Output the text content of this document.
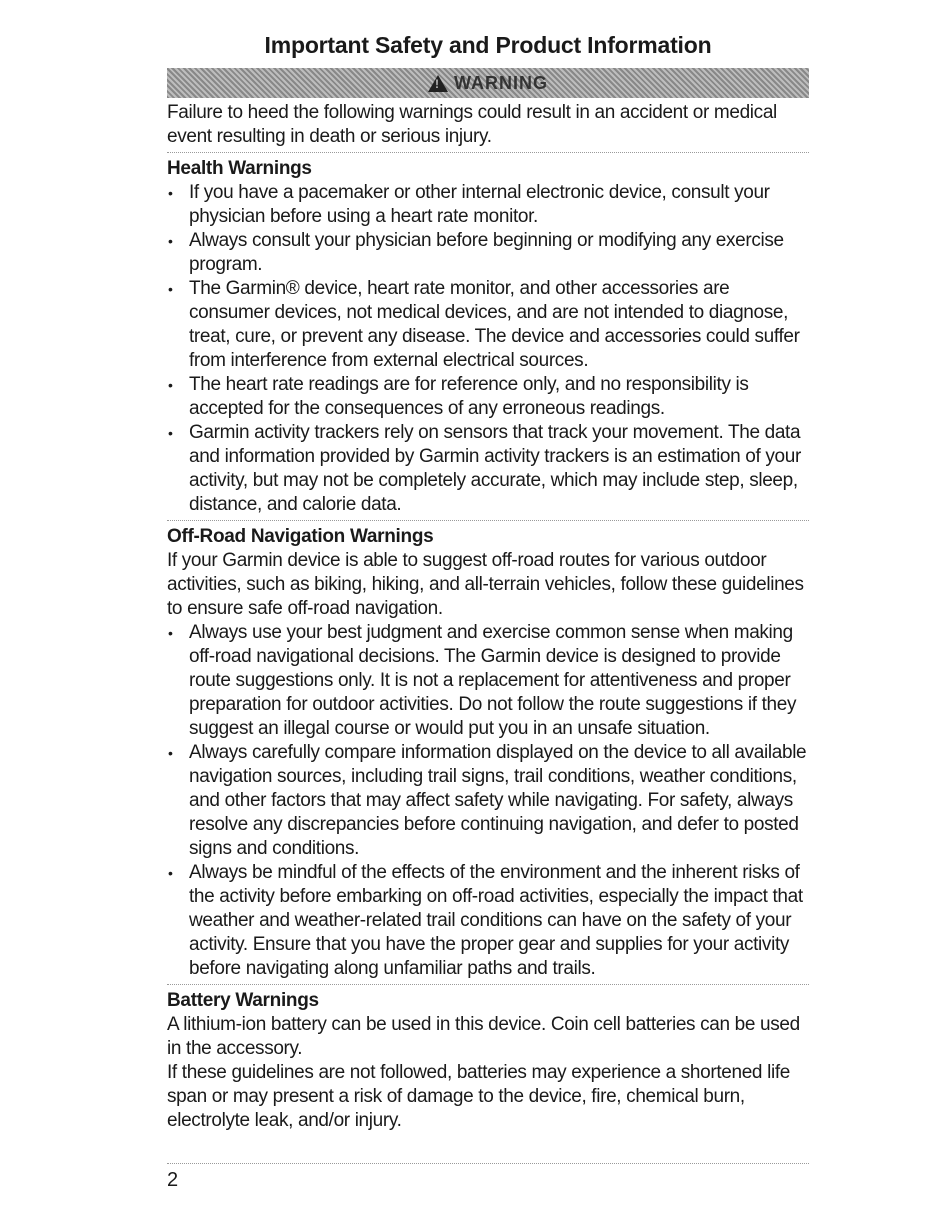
Important Safety and Product Information
!
WARNING

Failure to heed the following warnings could result in an accident or medical event resulting in death or serious injury.

Health Warnings
• If you have a pacemaker or other internal electronic device, consult your physician before using a heart rate monitor.
• Always consult your physician before beginning or modifying any exercise program.
• The Garmin® device, heart rate monitor, and other accessories are consumer devices, not medical devices, and are not intended to diagnose, treat, cure, or prevent any disease. The device and accessories could suffer from interference from external electrical sources.
• The heart rate readings are for reference only, and no responsibility is accepted for the consequences of any erroneous readings.
• Garmin activity trackers rely on sensors that track your movement. The data and information provided by Garmin activity trackers is an estimation of your activity, but may not be completely accurate, which may include step, sleep, distance, and calorie data.
Off-Road Navigation Warnings

If your Garmin device is able to suggest off-road routes for various outdoor activities, such as biking, hiking, and all-terrain vehicles, follow these guidelines to ensure safe off-road navigation.

• Always use your best judgment and exercise common sense when making off-road navigational decisions. The Garmin device is designed to provide route suggestions only. It is not a replacement for attentiveness and proper preparation for outdoor activities. Do not follow the route suggestions if they suggest an illegal course or would put you in an unsafe situation.
• Always carefully compare information displayed on the device to all available navigation sources, including trail signs, trail conditions, weather conditions, and other factors that may affect safety while navigating. For safety, always resolve any discrepancies before continuing navigation, and defer to posted signs and conditions.
• Always be mindful of the effects of the environment and the inherent risks of the activity before embarking on off-road activities, especially the impact that weather and weather-related trail conditions can have on the safety of your activity. Ensure that you have the proper gear and supplies for your activity before navigating along unfamiliar paths and trails.
Battery Warnings

A lithium-ion battery can be used in this device. Coin cell batteries can be used in the accessory.

If these guidelines are not followed, batteries may experience a shortened life span or may present a risk of damage to the device, fire, chemical burn, electrolyte leak, and/or injury.

2
